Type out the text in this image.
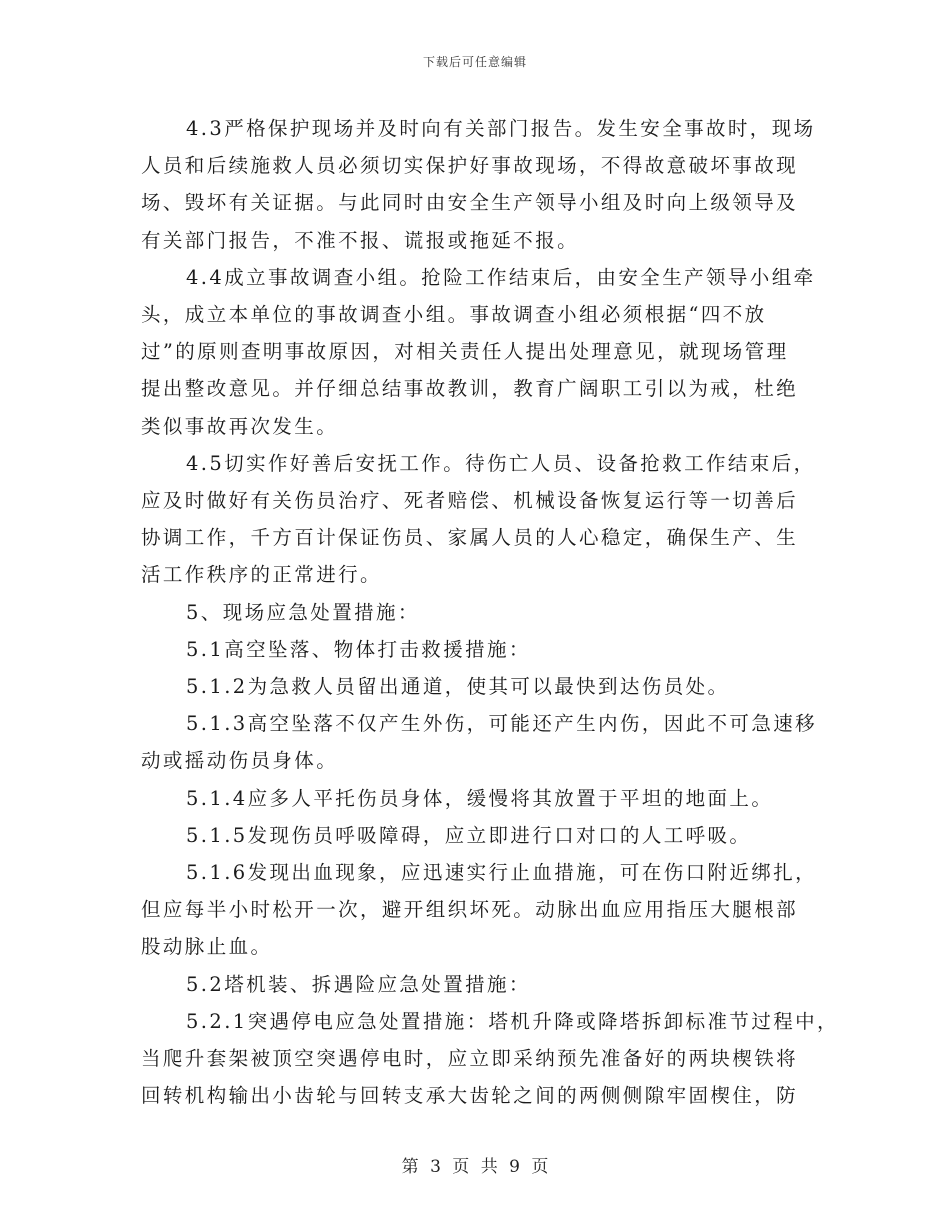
下载后可任意编辑

4.3严格保护现场并及时向有关部门报告。发生安全事故时，现场
人员和后续施救人员必须切实保护好事故现场，不得故意破坏事故现
场、毁坏有关证据。与此同时由安全生产领导小组及时向上级领导及
有关部门报告，不准不报、谎报或拖延不报。

4.4成立事故调查小组。抢险工作结束后，由安全生产领导小组牵
头，成立本单位的事故调查小组。事故调查小组必须根据“四不放
过”的原则查明事故原因，对相关责任人提出处理意见，就现场管理
提出整改意见。并仔细总结事故教训，教育广阔职工引以为戒，杜绝
类似事故再次发生。

4.5切实作好善后安抚工作。待伤亡人员、设备抢救工作结束后，
应及时做好有关伤员治疗、死者赔偿、机械设备恢复运行等一切善后
协调工作，千方百计保证伤员、家属人员的人心稳定，确保生产、生
活工作秩序的正常进行。

5、现场应急处置措施：

5.1高空坠落、物体打击救援措施：

5.1.2为急救人员留出通道，使其可以最快到达伤员处。

5.1.3高空坠落不仅产生外伤，可能还产生内伤，因此不可急速移
动或摇动伤员身体。

5.1.4应多人平托伤员身体，缓慢将其放置于平坦的地面上。

5.1.5发现伤员呼吸障碍，应立即进行口对口的人工呼吸。

5.1.6发现出血现象，应迅速实行止血措施，可在伤口附近绑扎，
但应每半小时松开一次，避开组织坏死。动脉出血应用指压大腿根部
股动脉止血。

5.2塔机装、拆遇险应急处置措施：

5.2.1突遇停电应急处置措施：塔机升降或降塔拆卸标准节过程中，
当爬升套架被顶空突遇停电时，应立即采纳预先准备好的两块楔铁将
回转机构输出小齿轮与回转支承大齿轮之间的两侧侧隙牢固楔住，防

第 3 页 共 9 页
